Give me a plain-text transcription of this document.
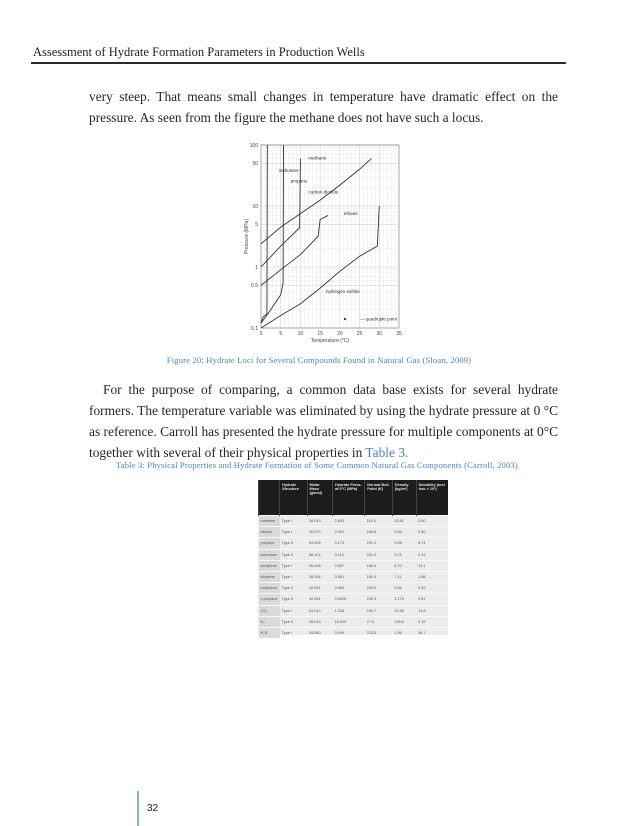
Assessment of Hydrate Formation Parameters in Production Wells

very steep. That means small changes in temperature have dramatic effect on the pressure. As seen from the figure the methane does not have such a locus.

0	5	10	15	20	25	30	35
0.1
0.5
1
5
10
50
100
Temperature (°C)
Pressure (MPa)
methane
isobutane
propane
carbon dioxide
ethane
hydrogen sulfide
— quadruple point
Figure 20: Hydrate Loci for Several Compounds Found in Natural Gas (Sloan, 2009)

For the purpose of comparing, a common data base exists for several hydrate formers. The temperature variable was eliminated by using the hydrate pressure at 0 °C as reference. Carroll has presented the hydrate pressure for multiple components at 0°C together with several of their physical properties in Table 3.

Table 3: Physical Properties and Hydrate Formation of Some Common Natural Gas Components (Carroll, 2003)
	Hydrate Structure	Molar Mass (g/mol)	Hydrate Press. at 0°C (MPa)	Normal Boil. Point (K)	Density (kg/m³)	Solubility (mol frac × 10³)
methane	Type I	16.043	2.603	111.6	15.82	0.40
ethane	Type I	30.070	0.491	184.6	5.85	0.80
propane	Type II	44.094	0.173	231.1	3.46	0.74
isobutane	Type II	58.124	0.113	261.4	3.01	0.31
acetylene	Type I	26.038	0.557	189.4	6.70	14.1
ethylene	Type I	28.054	0.551	169.3	7.11	1.88
propylene	Type II	42.081	0.460	225.5	5.86	0.52
c-propane	Type II	42.081	0.0626	240.3	1.175	2.81
CO₂	Type I	44.010	1.208	194.7	25.56	13.8
N₂	Type II	28.013	16.220	77.4	195.6	0.19
H₂S	Type I	34.080	0.099	213.5	1.56	36.7
32
